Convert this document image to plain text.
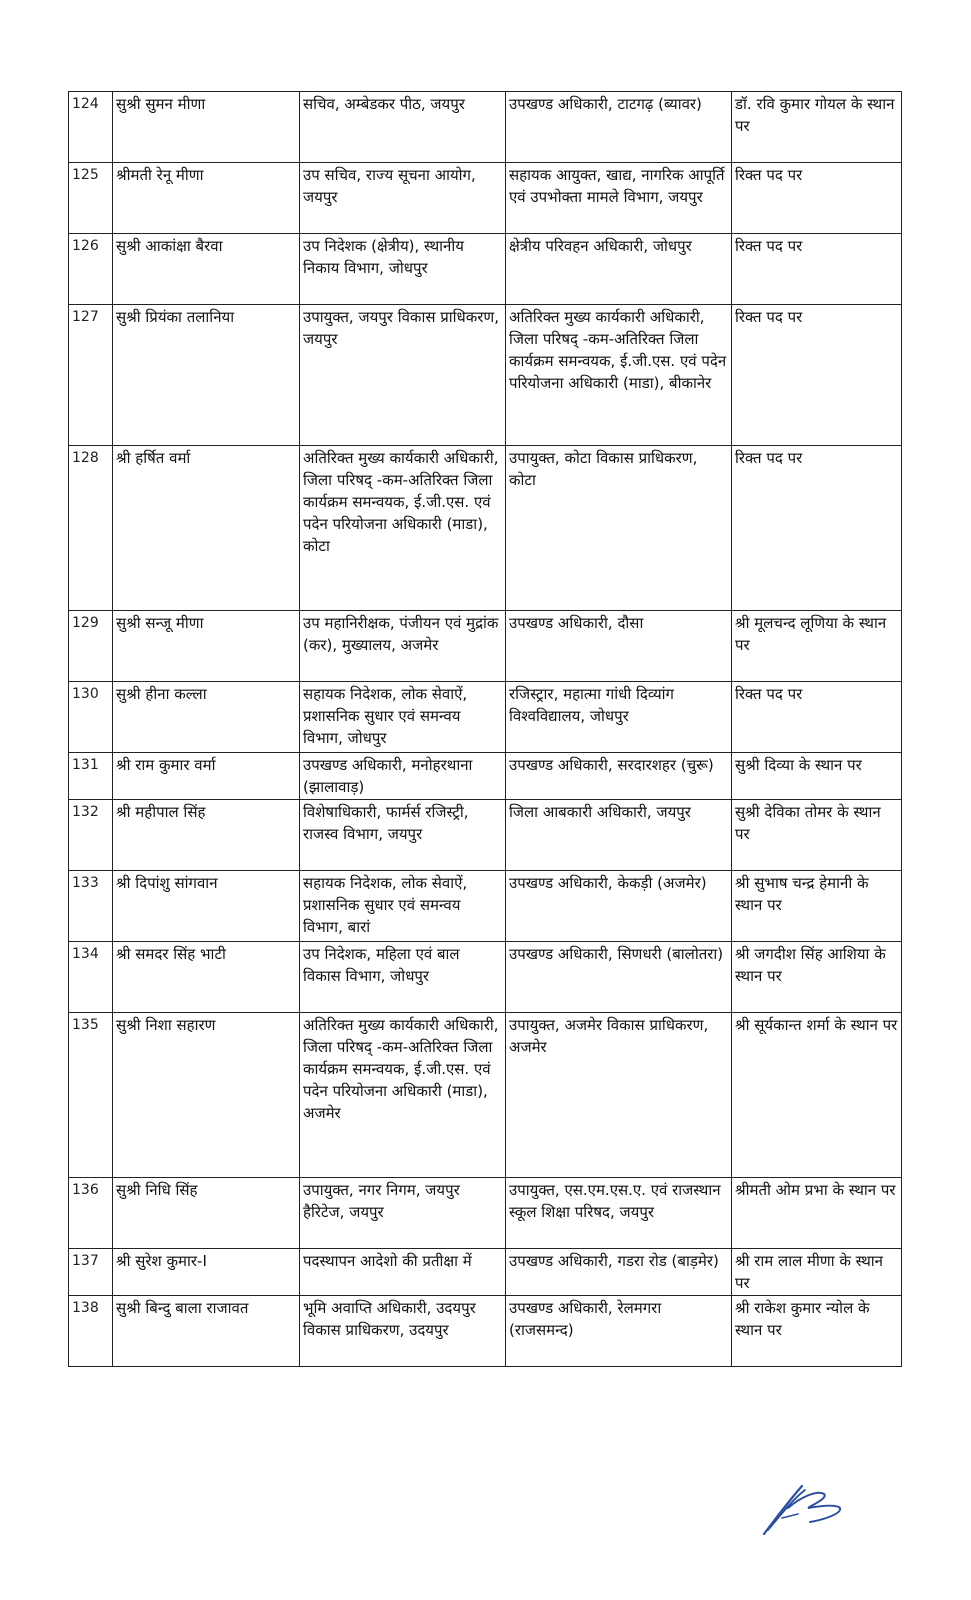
124	सुश्री सुमन मीणा	सचिव, अम्बेडकर पीठ, जयपुर	उपखण्ड अधिकारी, टाटगढ़ (ब्यावर)	डॉ. रवि कुमार गोयल के स्थान पर
125	श्रीमती रेनू मीणा	उप सचिव, राज्य सूचना आयोग, जयपुर	सहायक आयुक्त, खाद्य, नागरिक आपूर्ति एवं उपभोक्ता मामले विभाग, जयपुर	रिक्त पद पर
126	सुश्री आकांक्षा बैरवा	उप निदेशक (क्षेत्रीय), स्थानीय निकाय विभाग, जोधपुर	क्षेत्रीय परिवहन अधिकारी, जोधपुर	रिक्त पद पर
127	सुश्री प्रियंका तलानिया	उपायुक्त, जयपुर विकास प्राधिकरण, जयपुर	अतिरिक्त मुख्य कार्यकारी अधिकारी, जिला परिषद् -कम-अतिरिक्त जिला कार्यक्रम समन्वयक, ई.जी.एस. एवं पदेन परियोजना अधिकारी (माडा), बीकानेर	रिक्त पद पर
128	श्री हर्षित वर्मा	अतिरिक्त मुख्य कार्यकारी अधिकारी, जिला परिषद् -कम-अतिरिक्त जिला कार्यक्रम समन्वयक, ई.जी.एस. एवं पदेन परियोजना अधिकारी (माडा), कोटा	उपायुक्त, कोटा विकास प्राधिकरण, कोटा	रिक्त पद पर
129	सुश्री सन्जू मीणा	उप महानिरीक्षक, पंजीयन एवं मुद्रांक (कर), मुख्यालय, अजमेर	उपखण्ड अधिकारी, दौसा	श्री मूलचन्द लूणिया के स्थान पर
130	सुश्री हीना कल्ला	सहायक निदेशक, लोक सेवाऐं, प्रशासनिक सुधार एवं समन्वय विभाग, जोधपुर	रजिस्ट्रार, महात्मा गांधी दिव्यांग विश्वविद्यालय, जोधपुर	रिक्त पद पर
131	श्री राम कुमार वर्मा	उपखण्ड अधिकारी, मनोहरथाना (झालावाड़)	उपखण्ड अधिकारी, सरदारशहर (चुरू)	सुश्री दिव्या के स्थान पर
132	श्री महीपाल सिंह	विशेषाधिकारी, फार्मर्स रजिस्ट्री, राजस्व विभाग, जयपुर	जिला आबकारी अधिकारी, जयपुर	सुश्री देविका तोमर के स्थान पर
133	श्री दिपांशु सांगवान	सहायक निदेशक, लोक सेवाऐं, प्रशासनिक सुधार एवं समन्वय विभाग, बारां	उपखण्ड अधिकारी, केकड़ी (अजमेर)	श्री सुभाष चन्द्र हेमानी के स्थान पर
134	श्री समदर सिंह भाटी	उप निदेशक, महिला एवं बाल विकास विभाग, जोधपुर	उपखण्ड अधिकारी, सिणधरी (बालोतरा)	श्री जगदीश सिंह आशिया के स्थान पर
135	सुश्री निशा सहारण	अतिरिक्त मुख्य कार्यकारी अधिकारी, जिला परिषद् -कम-अतिरिक्त जिला कार्यक्रम समन्वयक, ई.जी.एस. एवं पदेन परियोजना अधिकारी (माडा), अजमेर	उपायुक्त, अजमेर विकास प्राधिकरण, अजमेर	श्री सूर्यकान्त शर्मा के स्थान पर
136	सुश्री निधि सिंह	उपायुक्त, नगर निगम, जयपुर हैरिटेज, जयपुर	उपायुक्त, एस.एम.एस.ए. एवं राजस्थान स्कूल शिक्षा परिषद, जयपुर	श्रीमती ओम प्रभा के स्थान पर
137	श्री सुरेश कुमार-I	पदस्थापन आदेशो की प्रतीक्षा में	उपखण्ड अधिकारी, गडरा रोड (बाड़मेर)	श्री राम लाल मीणा के स्थान पर
138	सुश्री बिन्दु बाला राजावत	भूमि अवाप्ति अधिकारी, उदयपुर विकास प्राधिकरण, उदयपुर	उपखण्ड अधिकारी, रेलमगरा (राजसमन्द)	श्री राकेश कुमार न्योल के स्थान पर
